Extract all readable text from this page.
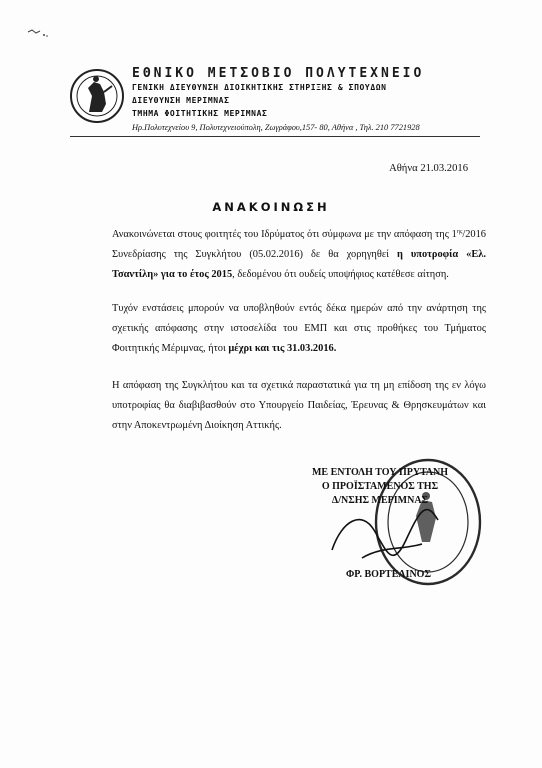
ΕΘΝΙΚΟ ΜΕΤΣΟΒΙΟ ΠΟΛΥΤΕΧΝΕΙΟ
ΓΕΝΙΚΗ ΔΙΕΥΘΥΝΣΗ ΔΙΟΙΚΗΤΙΚΗΣ ΣΤΗΡΙΞΗΣ & ΣΠΟΥΔΩΝ
ΔΙΕΥΘΥΝΣΗ ΜΕΡΙΜΝΑΣ
ΤΜΗΜΑ ΦΟΙΤΗΤΙΚΗΣ ΜΕΡΙΜΝΑΣ
Ηρ.Πολυτεχνείου 9, Πολυτεχνειούπολη, Ζωγράφου,157- 80, Αθήνα , Τηλ. 210 7721928
Αθήνα 21.03.2016
ΑΝΑΚΟΙΝΩΣΗ
Ανακοινώνεται στους φοιτητές του Ιδρύματος ότι σύμφωνα με την απόφαση της $1^{\eta\varsigma}/2016$ Συνεδρίασης της Συγκλήτου (05.02.2016) δε θα χορηγηθεί η υποτροφία «Ελ. Τσαντίλη» για το έτος 2015, δεδομένου ότι ουδείς υποψήφιος κατέθεσε αίτηση.
Τυχόν ενστάσεις μπορούν να υποβληθούν εντός δέκα ημερών από την ανάρτηση της σχετικής απόφασης στην ιστοσελίδα του ΕΜΠ και στις προθήκες του Τμήματος Φοιτητικής Μέριμνας, ήτοι μέχρι και τις 31.03.2016.
Η απόφαση της Συγκλήτου και τα σχετικά παραστατικά για τη μη επίδοση της εν λόγω υποτροφίας θα διαβιβασθούν στο Υπουργείο Παιδείας, Έρευνας & Θρησκευμάτων και στην Αποκεντρωμένη Διοίκηση Αττικής.
ΜΕ ΕΝΤΟΛΗ ΤΟΥ ΠΡΥΤΑΝΗ
Ο ΠΡΟΪΣΤΑΜΕΝΟΣ ΤΗΣ
Δ/ΝΣΗΣ ΜΕΡΙΜΝΑΣ
ΦΡ. ΒΟΡΤΕΛΙΝΟΣ
